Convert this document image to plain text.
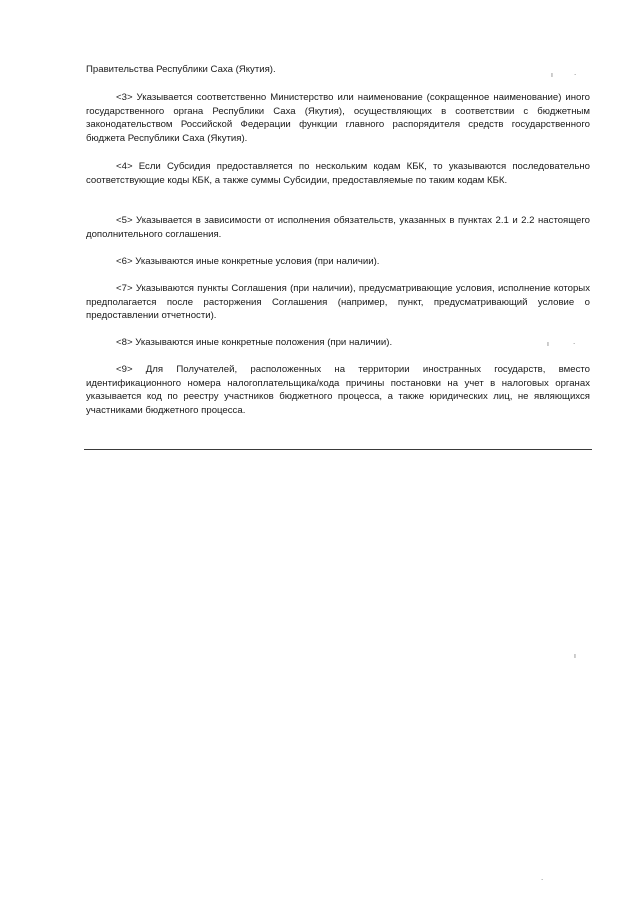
Правительства Республики Саха (Якутия).

<3> Указывается соответственно Министерство или наименование (сокращенное наименование) иного государственного органа Республики Саха (Якутия), осуществляющих в соответствии с бюджетным законодательством Российской Федерации функции главного распорядителя средств государственного бюджета Республики Саха (Якутия).

<4> Если Субсидия предоставляется по нескольким кодам КБК, то указываются последовательно соответствующие коды КБК, а также суммы Субсидии, предоставляемые по таким кодам КБК.

<5> Указывается в зависимости от исполнения обязательств, указанных в пунктах 2.1 и 2.2 настоящего дополнительного соглашения.

<6> Указываются иные конкретные условия (при наличии).

<7> Указываются пункты Соглашения (при наличии), предусматривающие условия, исполнение которых предполагается после расторжения Соглашения (например, пункт, предусматривающий условие о предоставлении отчетности).

<8> Указываются иные конкретные положения (при наличии).

<9> Для Получателей, расположенных на территории иностранных государств, вместо идентификационного номера налогоплательщика/кода причины постановки на учет в налоговых органах указывается код по реестру участников бюджетного процесса, а также юридических лиц, не являющихся участниками бюджетного процесса.

ı	·
ı	·
ı
·
